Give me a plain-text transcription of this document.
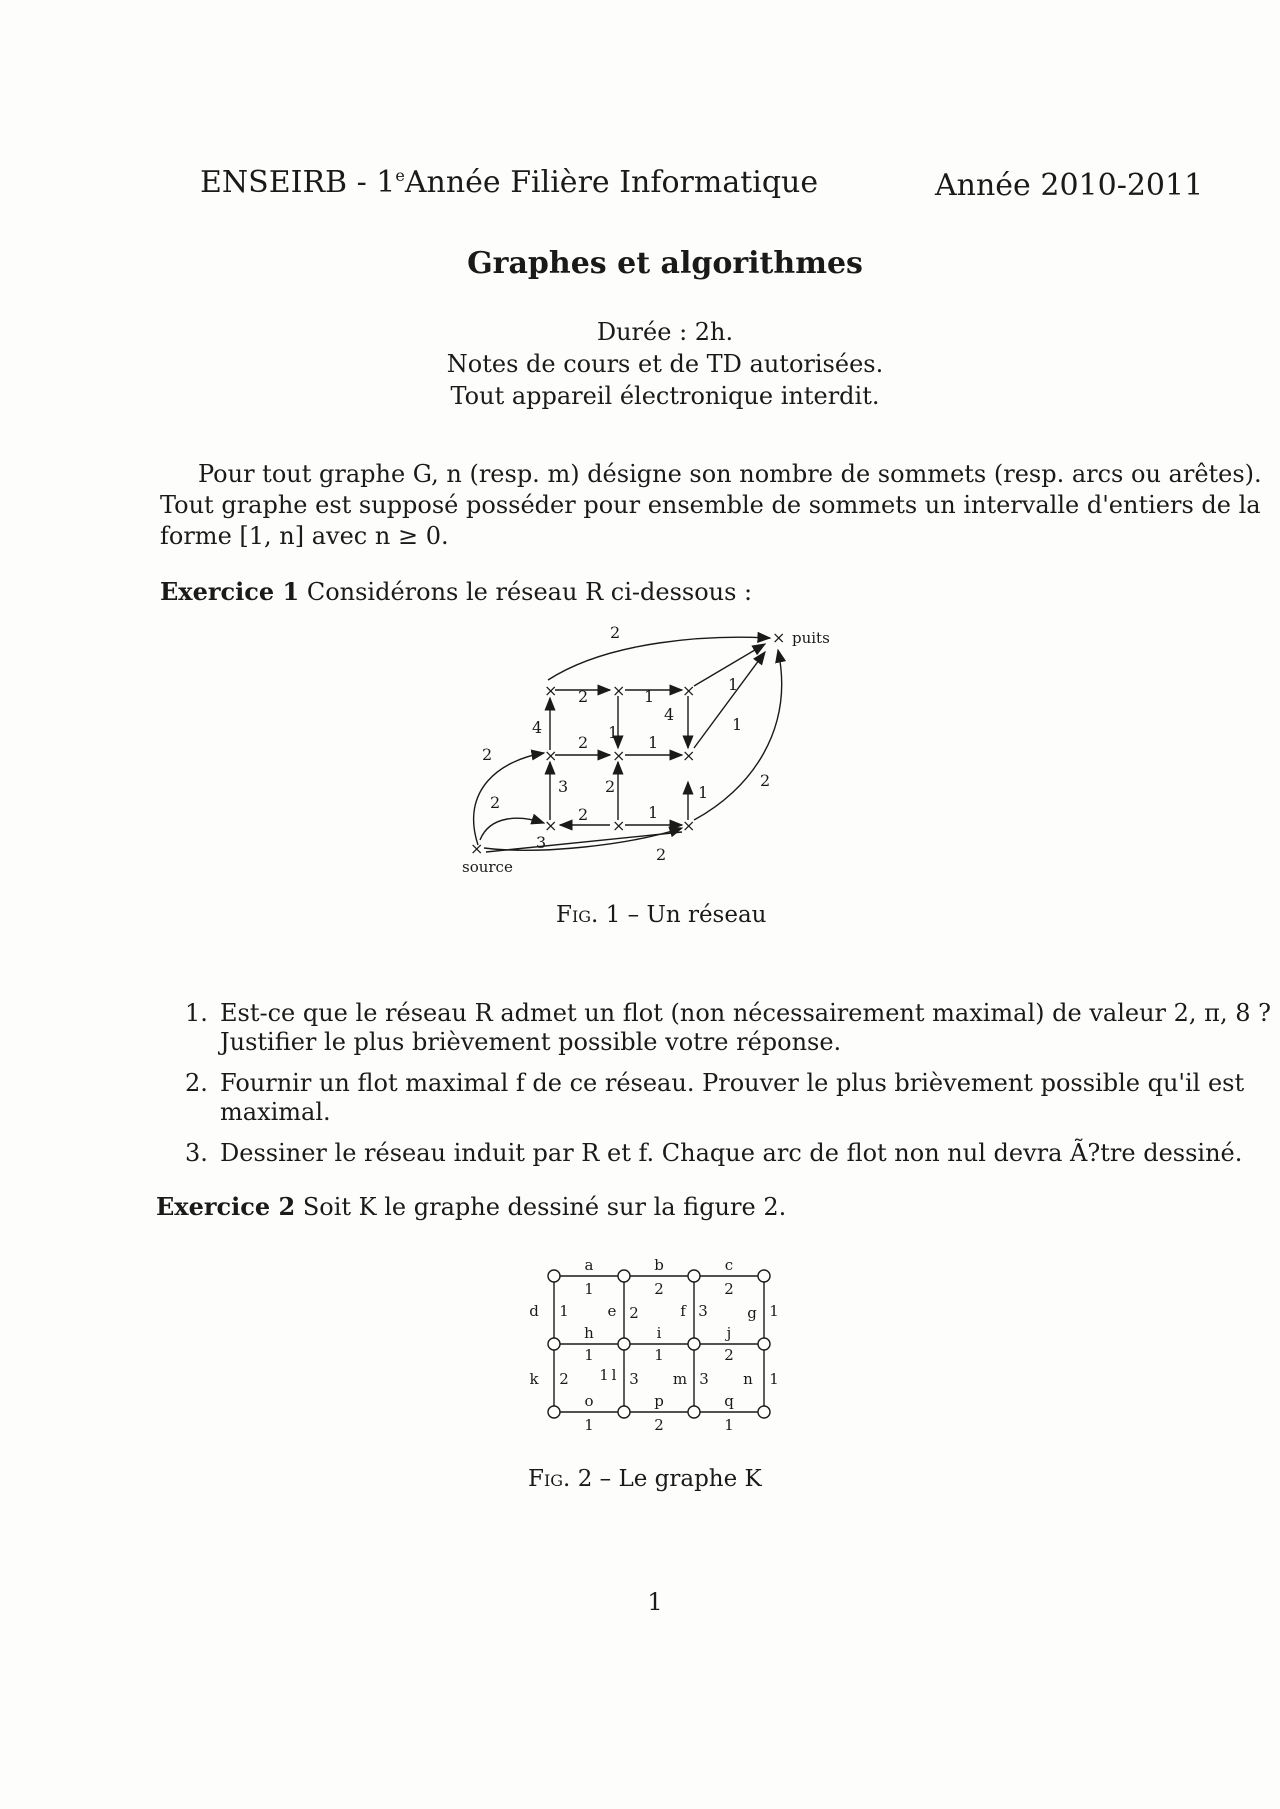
ENSEIRB - 1eAnnée Filière Informatique	Année 2010-2011
Graphes et algorithmes
Durée : 2h.
Notes de cours et de TD autorisées.
Tout appareil électronique interdit.
Pour tout graphe G, n (resp. m) désigne son nombre de sommets (resp. arcs ou arêtes).
Tout graphe est supposé posséder pour ensemble de sommets un intervalle d'entiers de la
forme [1, n] avec n ≥ 0.
Exercice 1 Considérons le réseau R ci-dessous :
×	×	×
×	×	×
×	×	×
×
×
puits
source
2
2	1
4
4
1
1
1
2	1
2
3 2	1
2
2
2	1
3
2
Fig. 1 – Un réseau
1. Est-ce que le réseau R admet un flot (non nécessairement maximal) de valeur 2, π, 8 ?
Justifier le plus brièvement possible votre réponse.
2. Fournir un flot maximal f de ce réseau. Prouver le plus brièvement possible qu'il est
maximal.
3. Dessiner le réseau induit par R et f. Chaque arc de flot non nul devra Ã?tre dessiné.
Exercice 2 Soit K le graphe dessiné sur la figure 2.
a	b	c
1	2	2
d 1	e 2	f 3	g 1
h	i	j
1	1	2
k 2 1 l 3 m 3 n 1
o	p	q
1	2	1
Fig. 2 – Le graphe K
1
